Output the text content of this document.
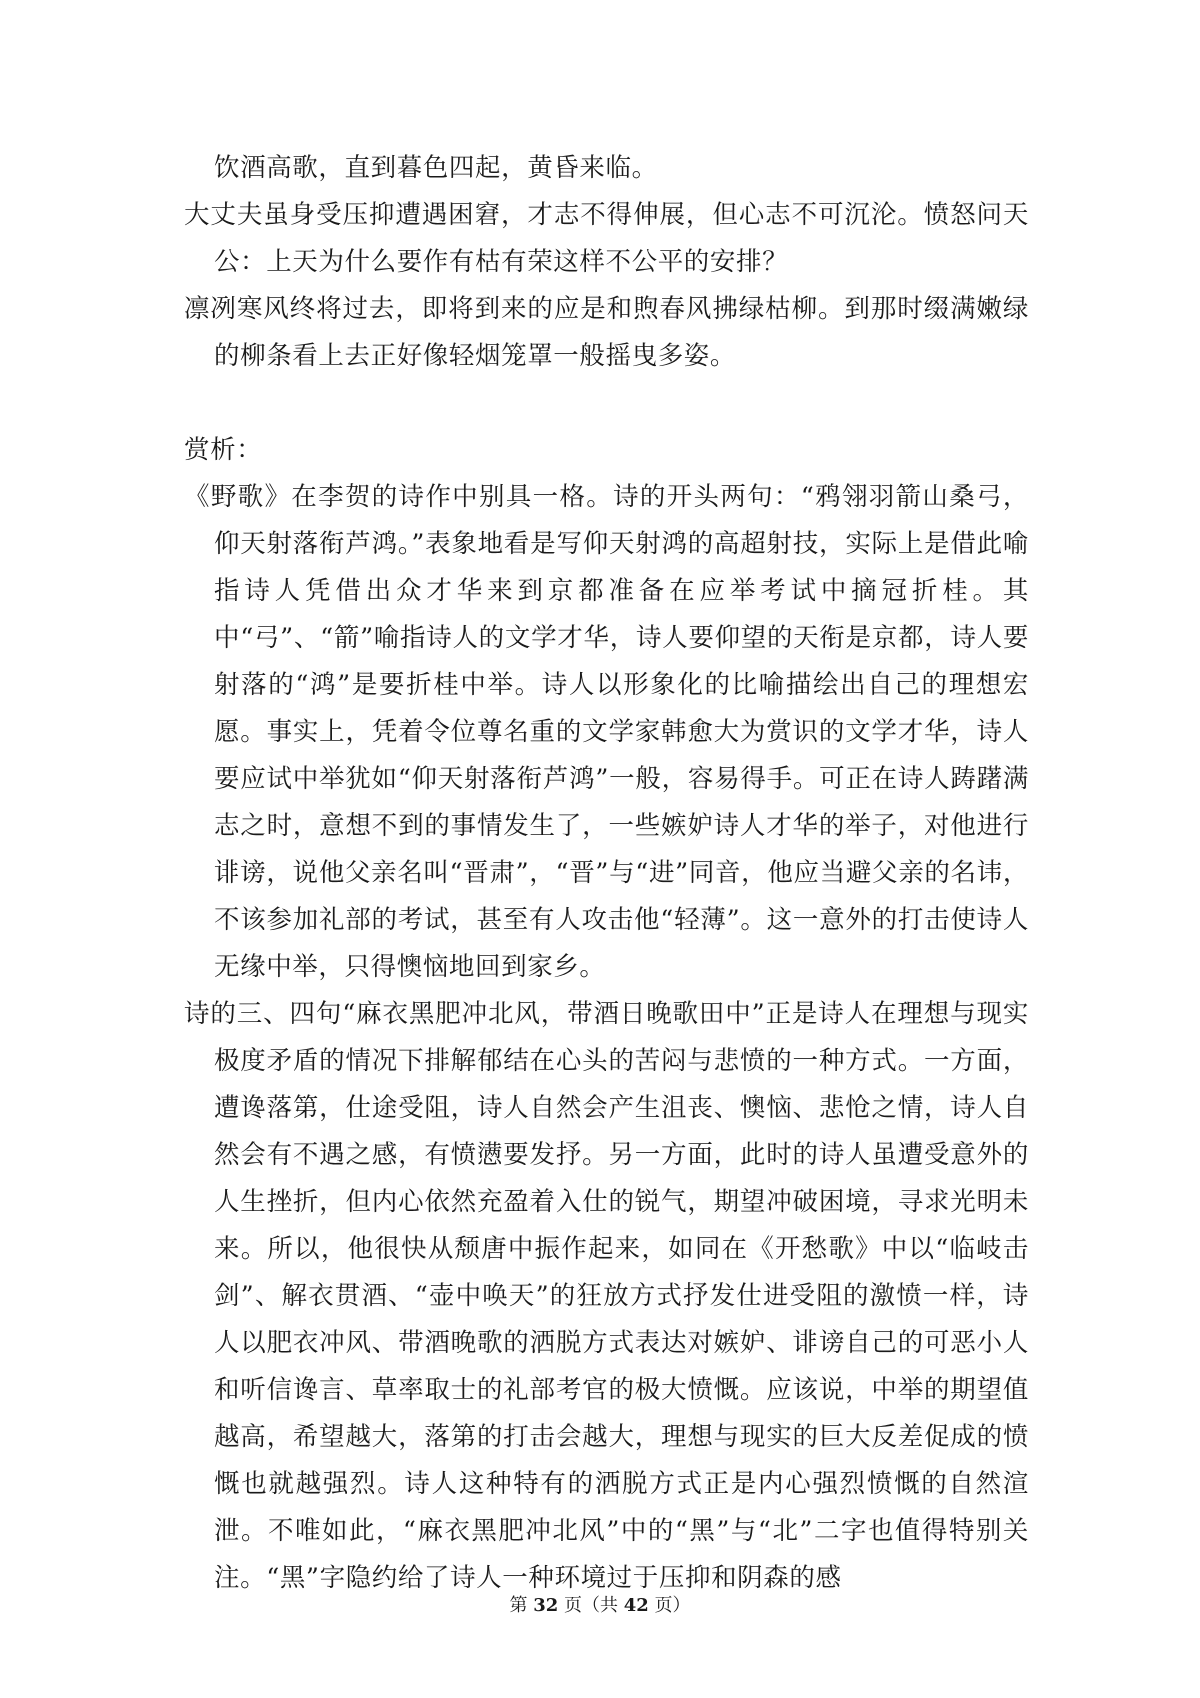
饮酒高歌，直到暮色四起，黄昏来临。

大丈夫虽身受压抑遭遇困窘，才志不得伸展，但心志不可沉沦。愤怒问天公：上天为什么要作有枯有荣这样不公平的安排？

凛冽寒风终将过去，即将到来的应是和煦春风拂绿枯柳。到那时缀满嫩绿的柳条看上去正好像轻烟笼罩一般摇曳多姿。

赏析：

《野歌》在李贺的诗作中别具一格。诗的开头两句：“鸦翎羽箭山桑弓，仰天射落衔芦鸿。”表象地看是写仰天射鸿的高超射技，实际上是借此喻指诗人凭借出众才华来到京都准备在应举考试中摘冠折桂。其中“弓”、“箭”喻指诗人的文学才华，诗人要仰望的天衔是京都，诗人要射落的“鸿”是要折桂中举。诗人以形象化的比喻描绘出自己的理想宏愿。事实上，凭着令位尊名重的文学家韩愈大为赏识的文学才华，诗人要应试中举犹如“仰天射落衔芦鸿”一般，容易得手。可正在诗人踌躇满志之时，意想不到的事情发生了，一些嫉妒诗人才华的举子，对他进行诽谤，说他父亲名叫“晋肃”，“晋”与“进”同音，他应当避父亲的名讳，不该参加礼部的考试，甚至有人攻击他“轻薄”。这一意外的打击使诗人无缘中举，只得懊恼地回到家乡。

诗的三、四句“麻衣黑肥冲北风，带酒日晚歌田中”正是诗人在理想与现实极度矛盾的情况下排解郁结在心头的苦闷与悲愤的一种方式。一方面，遭谗落第，仕途受阻，诗人自然会产生沮丧、懊恼、悲怆之情，诗人自然会有不遇之感，有愤懑要发抒。另一方面，此时的诗人虽遭受意外的人生挫折，但内心依然充盈着入仕的锐气，期望冲破困境，寻求光明未来。所以，他很快从颓唐中振作起来，如同在《开愁歌》中以“临岐击剑”、解衣贯酒、“壶中唤天”的狂放方式抒发仕进受阻的激愤一样，诗人以肥衣冲风、带酒晚歌的洒脱方式表达对嫉妒、诽谤自己的可恶小人和听信谗言、草率取士的礼部考官的极大愤慨。应该说，中举的期望值越高，希望越大，落第的打击会越大，理想与现实的巨大反差促成的愤慨也就越强烈。诗人这种特有的洒脱方式正是内心强烈愤慨的自然渲泄。不唯如此，“麻衣黑肥冲北风”中的“黑”与“北”二字也值得特别关注。“黑”字隐约给了诗人一种环境过于压抑和阴森的感

第 32 页（共 42 页）
